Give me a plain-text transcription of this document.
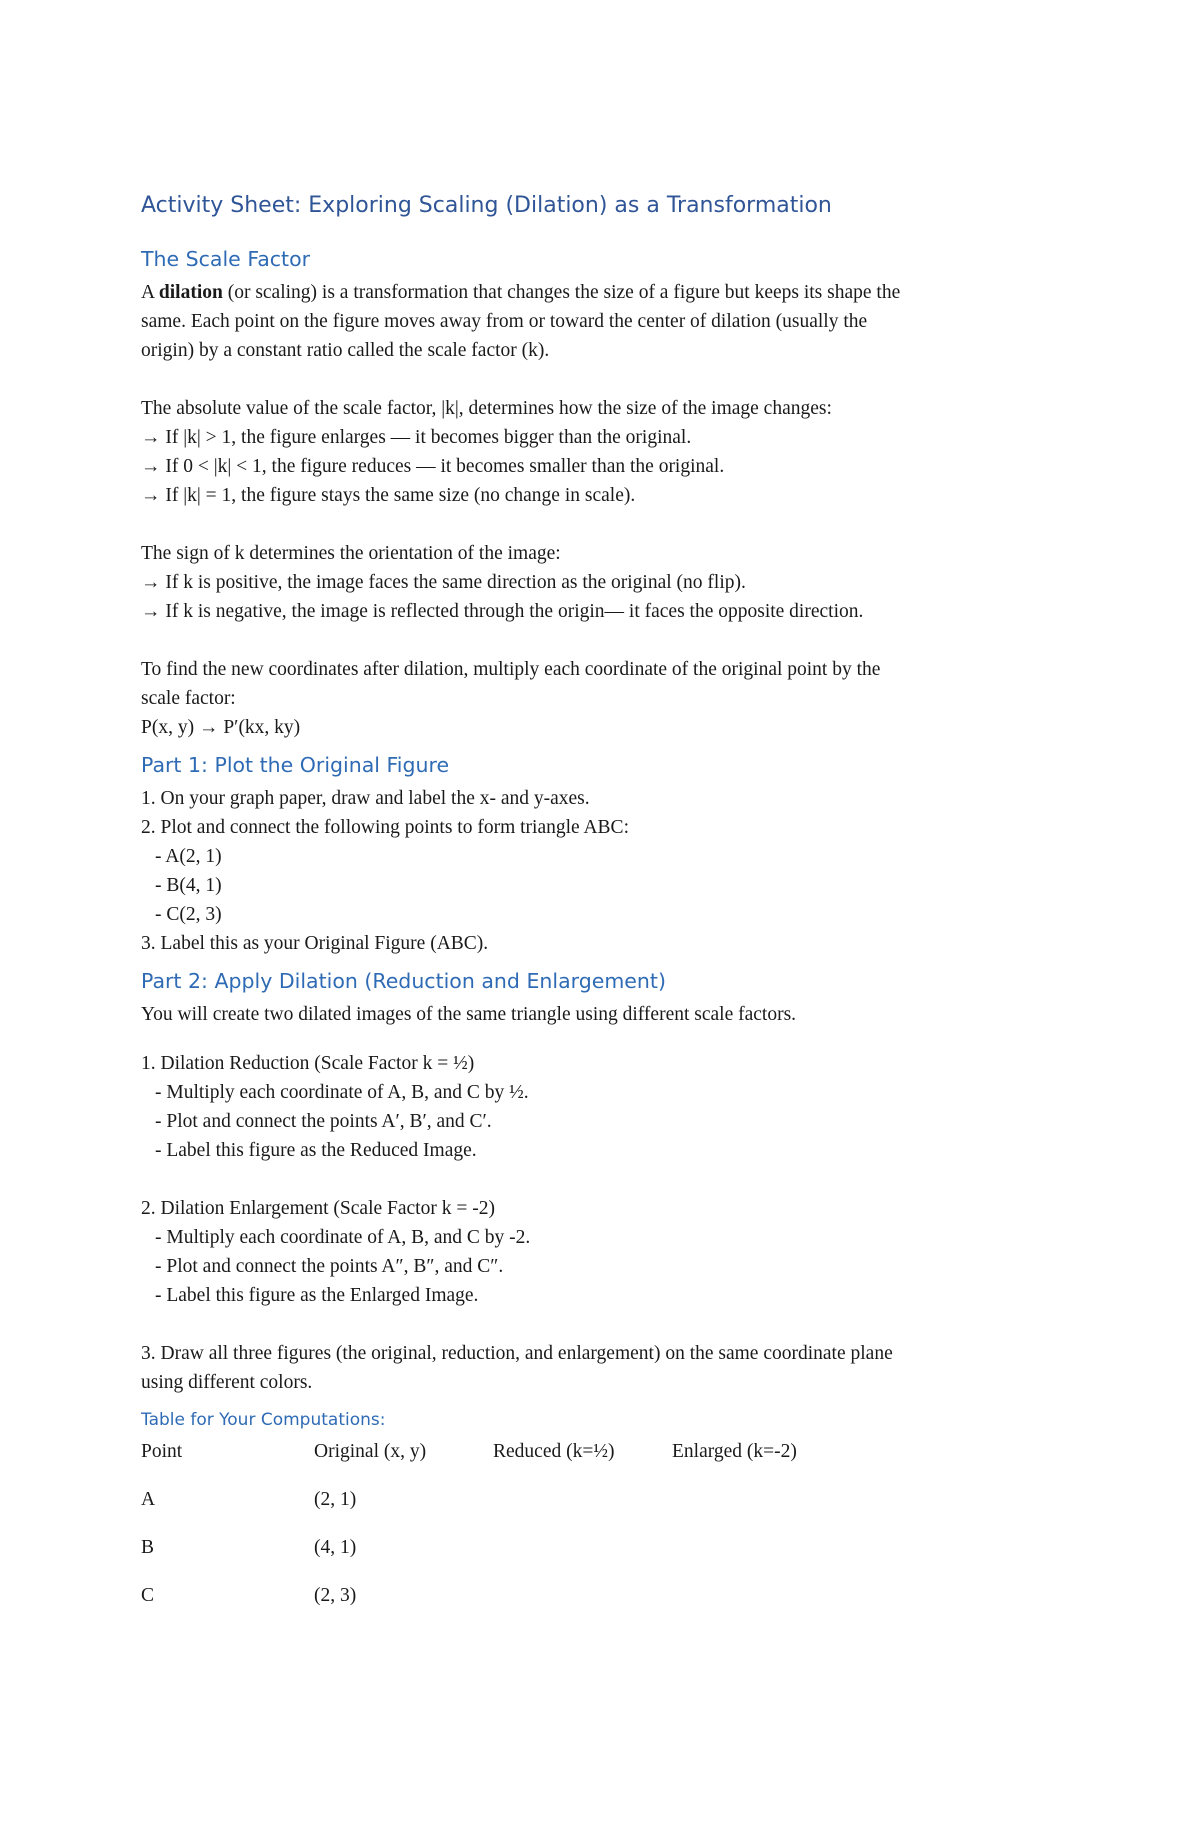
Activity Sheet: Exploring Scaling (Dilation) as a Transformation
The Scale Factor
A dilation (or scaling) is a transformation that changes the size of a figure but keeps its shape the
same. Each point on the figure moves away from or toward the center of dilation (usually the
origin) by a constant ratio called the scale factor (k).
The absolute value of the scale factor, |k|, determines how the size of the image changes:
→ If |k| > 1, the figure enlarges — it becomes bigger than the original.
→ If 0 < |k| < 1, the figure reduces — it becomes smaller than the original.
→ If |k| = 1, the figure stays the same size (no change in scale).
The sign of k determines the orientation of the image:
→ If k is positive, the image faces the same direction as the original (no flip).
→ If k is negative, the image is reflected through the origin— it faces the opposite direction.
To find the new coordinates after dilation, multiply each coordinate of the original point by the
scale factor:
P(x, y) → P′(kx, ky)
Part 1: Plot the Original Figure
1. On your graph paper, draw and label the x- and y-axes.
2. Plot and connect the following points to form triangle ABC:
- A(2, 1)
- B(4, 1)
- C(2, 3)
3. Label this as your Original Figure (ABC).
Part 2: Apply Dilation (Reduction and Enlargement)
You will create two dilated images of the same triangle using different scale factors.
1. Dilation Reduction (Scale Factor k = ½)
- Multiply each coordinate of A, B, and C by ½.
- Plot and connect the points A′, B′, and C′.
- Label this figure as the Reduced Image.
2. Dilation Enlargement (Scale Factor k = -2)
- Multiply each coordinate of A, B, and C by -2.
- Plot and connect the points A″, B″, and C″.
- Label this figure as the Enlarged Image.
3. Draw all three figures (the original, reduction, and enlargement) on the same coordinate plane
using different colors.
Table for Your Computations:
Point	Original (x, y)	Reduced (k=½)	Enlarged (k=-2)
A	(2, 1)
B	(4, 1)
C	(2, 3)
